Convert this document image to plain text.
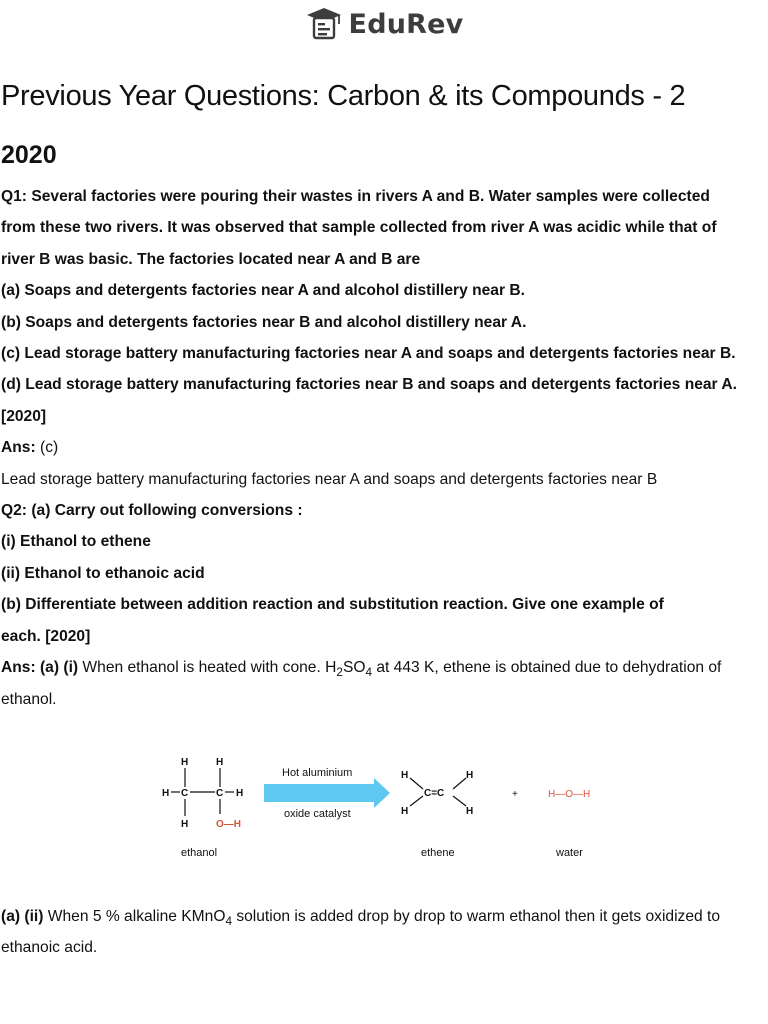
EduRev
Previous Year Questions: Carbon & its Compounds - 2
2020

Q1: Several factories were pouring their wastes in rivers A and B. Water samples were collected

from these two rivers. It was observed that sample collected from river A was acidic while that of

river B was basic. The factories located near A and B are

(a) Soaps and detergents factories near A and alcohol distillery near B.

(b) Soaps and detergents factories near B and alcohol distillery near A.

(c) Lead storage battery manufacturing factories near A and soaps and detergents factories near B.

(d) Lead storage battery manufacturing factories near B and soaps and detergents factories near A.

[2020]

Ans: (c)

Lead storage battery manufacturing factories near A and soaps and detergents factories near B

Q2: (a) Carry out following conversions :

(i) Ethanol to ethene

(ii) Ethanol to ethanoic acid

(b) Differentiate between addition reaction and substitution reaction. Give one example of

each. [2020]

Ans: (a) (i) When ethanol is heated with cone. $H_2SO_4$ at 443 K, ethene is obtained due to dehydration of

ethanol.

H	H
H C	C H
H	O—H
ethanol
Hot aluminium
oxide catalyst
H
H
C=C
H
H
ethene
+	H—O—H
water

(a) (ii) When 5 % alkaline KMnO$_4$ solution is added drop by drop to warm ethanol then it gets oxidized to

ethanoic acid.
